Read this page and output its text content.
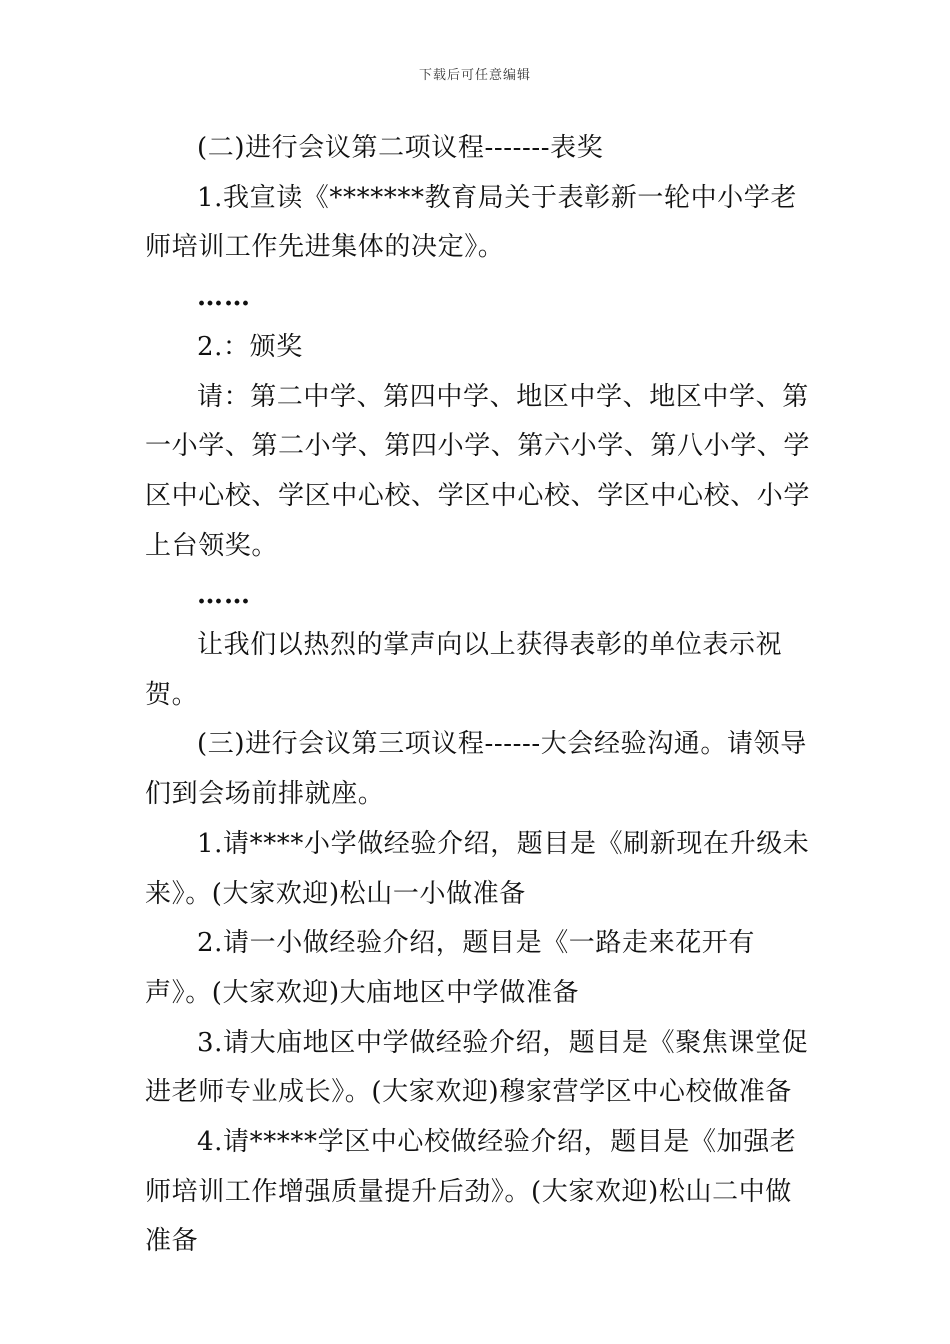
下载后可任意编辑

(二)进行会议第二项议程-------表奖

1.我宣读《*******教育局关于表彰新一轮中小学老师培训工作先进集体的决定》。

……

2.：颁奖

请：第二中学、第四中学、地区中学、地区中学、第一小学、第二小学、第四小学、第六小学、第八小学、学区中心校、学区中心校、学区中心校、学区中心校、小学上台领奖。

……

让我们以热烈的掌声向以上获得表彰的单位表示祝贺。

(三)进行会议第三项议程------大会经验沟通。请领导们到会场前排就座。

1.请****小学做经验介绍，题目是《刷新现在升级未来》。(大家欢迎)松山一小做准备

2.请一小做经验介绍，题目是《一路走来花开有声》。(大家欢迎)大庙地区中学做准备

3.请大庙地区中学做经验介绍，题目是《聚焦课堂促进老师专业成长》。(大家欢迎)穆家营学区中心校做准备

4.请*****学区中心校做经验介绍，题目是《加强老师培训工作增强质量提升后劲》。(大家欢迎)松山二中做准备
